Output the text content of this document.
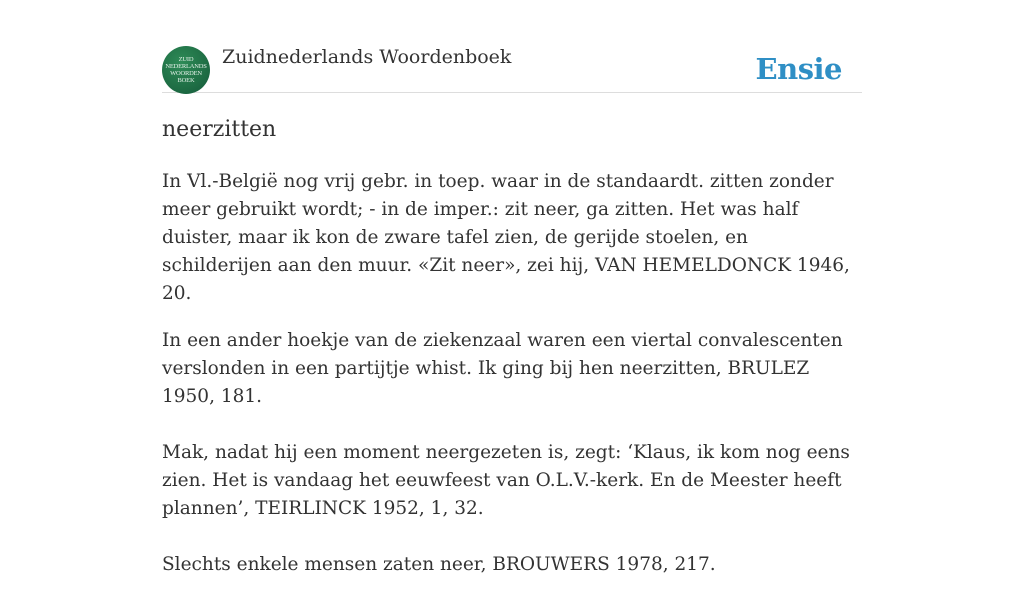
ZUID
NEDERLANDS
WOORDEN
BOEK
Zuidnederlands Woordenboek	Ensie
neerzitten

In Vl.-België nog vrij gebr. in toep. waar in de standaardt. zitten zonder meer gebruikt wordt; - in de imper.: zit neer, ga zitten. Het was half duister, maar ik kon de zware tafel zien, de gerijde stoelen, en schilderijen aan den muur. «Zit neer», zei hij, VAN HEMELDONCK 1946, 20.

In een ander hoekje van de ziekenzaal waren een viertal convalescenten verslonden in een partijtje whist. Ik ging bij hen neerzitten, BRULEZ 1950, 181.

Mak, nadat hij een moment neergezeten is, zegt: ‘Klaus, ik kom nog eens zien. Het is vandaag het eeuwfeest van O.L.V.-kerk. En de Meester heeft plannen’, TEIRLINCK 1952, 1, 32.

Slechts enkele mensen zaten neer, BROUWERS 1978, 217.
